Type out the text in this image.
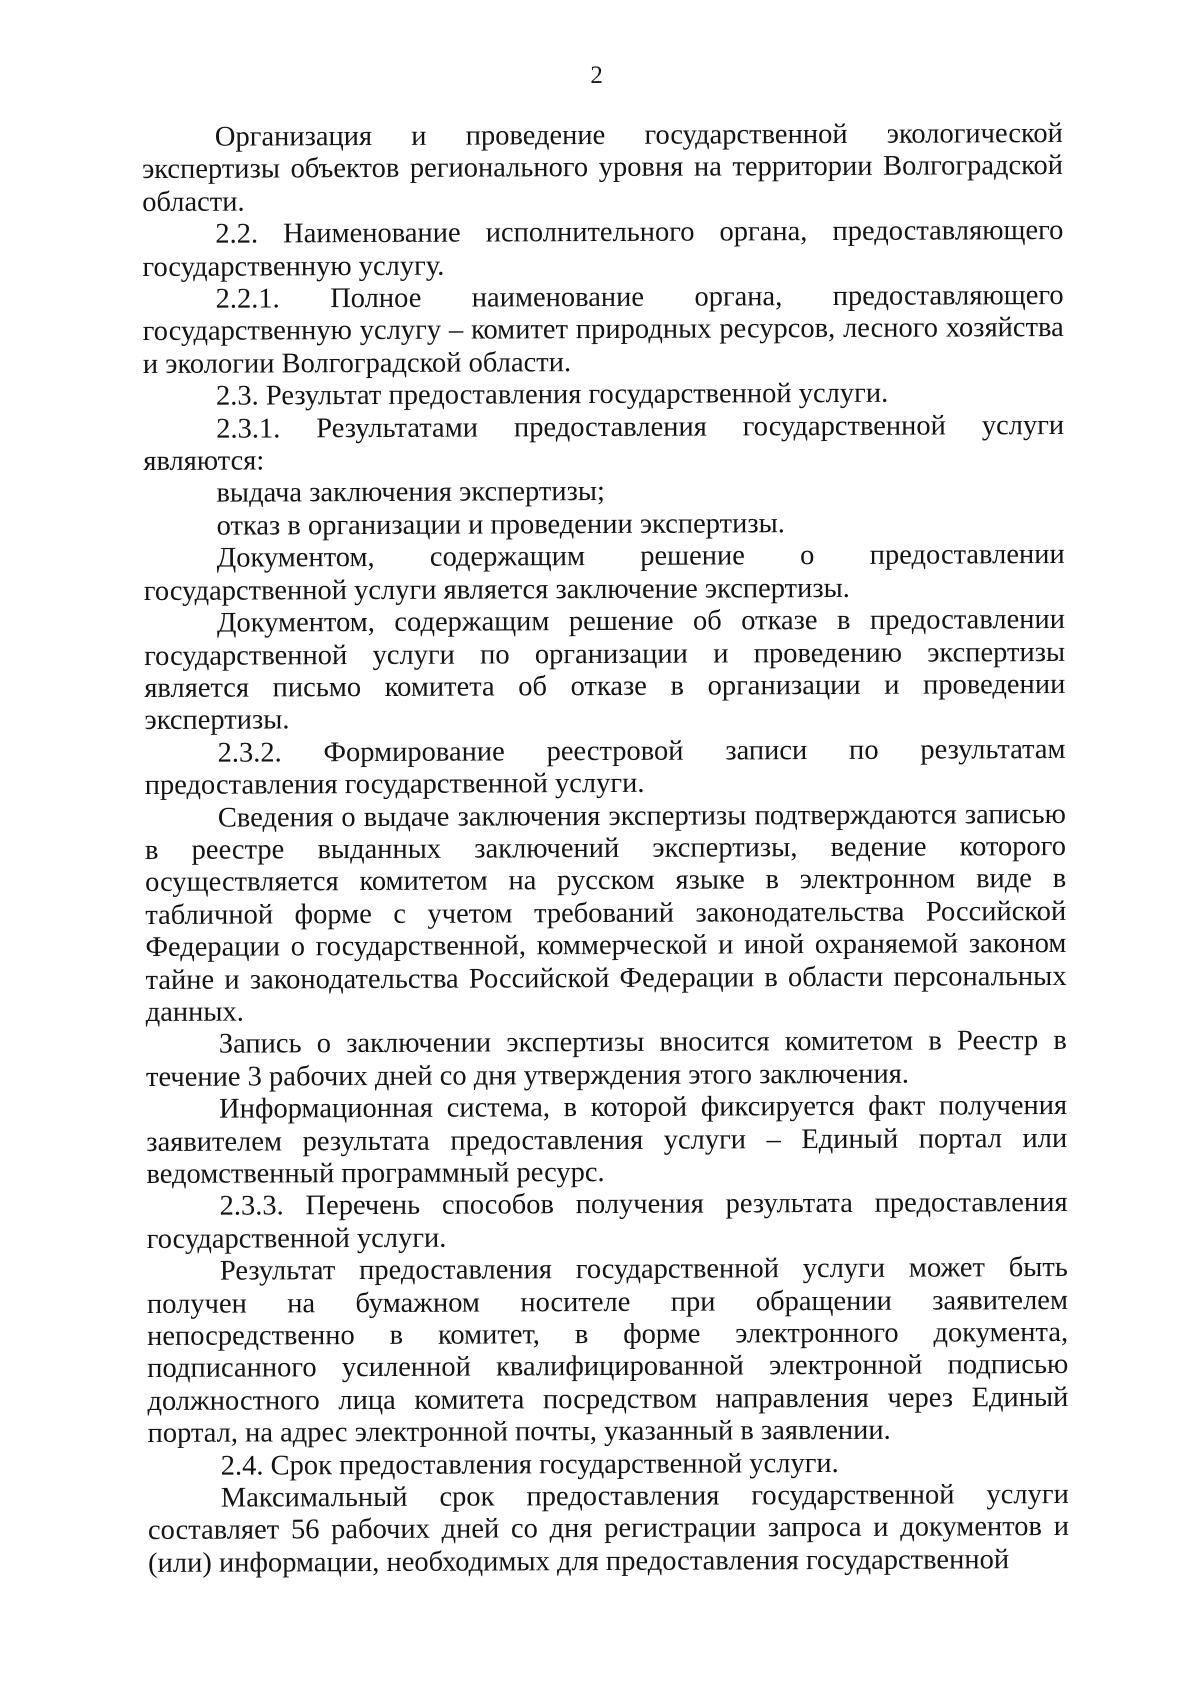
2

Организация и проведение государственной экологической экспертизы объектов регионального уровня на территории Волгоградской области.

2.2. Наименование исполнительного органа, предоставляющего государственную услугу.

2.2.1. Полное наименование органа, предоставляющего государственную услугу – комитет природных ресурсов, лесного хозяйства и экологии Волгоградской области.

2.3. Результат предоставления государственной услуги.

2.3.1. Результатами предоставления государственной услуги являются:

выдача заключения экспертизы;

отказ в организации и проведении экспертизы.

Документом, содержащим решение о предоставлении государственной услуги является заключение экспертизы.

Документом, содержащим решение об отказе в предоставлении государственной услуги по организации и проведению экспертизы является письмо комитета об отказе в организации и проведении экспертизы.

2.3.2. Формирование реестровой записи по результатам предоставления государственной услуги.

Сведения о выдаче заключения экспертизы подтверждаются записью в реестре выданных заключений экспертизы, ведение которого осуществляется комитетом на русском языке в электронном виде в табличной форме с учетом требований законодательства Российской Федерации о государственной, коммерческой и иной охраняемой законом тайне и законодательства Российской Федерации в области персональных данных.

Запись о заключении экспертизы вносится комитетом в Реестр в течение 3 рабочих дней со дня утверждения этого заключения.

Информационная система, в которой фиксируется факт получения заявителем результата предоставления услуги – Единый портал или ведомственный программный ресурс.

2.3.3. Перечень способов получения результата предоставления государственной услуги.

Результат предоставления государственной услуги может быть получен на бумажном носителе при обращении заявителем непосредственно в комитет, в форме электронного документа, подписанного усиленной квалифицированной электронной подписью должностного лица комитета посредством направления через Единый портал, на адрес электронной почты, указанный в заявлении.

2.4. Срок предоставления государственной услуги.

Максимальный срок предоставления государственной услуги составляет 56 рабочих дней со дня регистрации запроса и документов и (или) информации, необходимых для предоставления государственной
